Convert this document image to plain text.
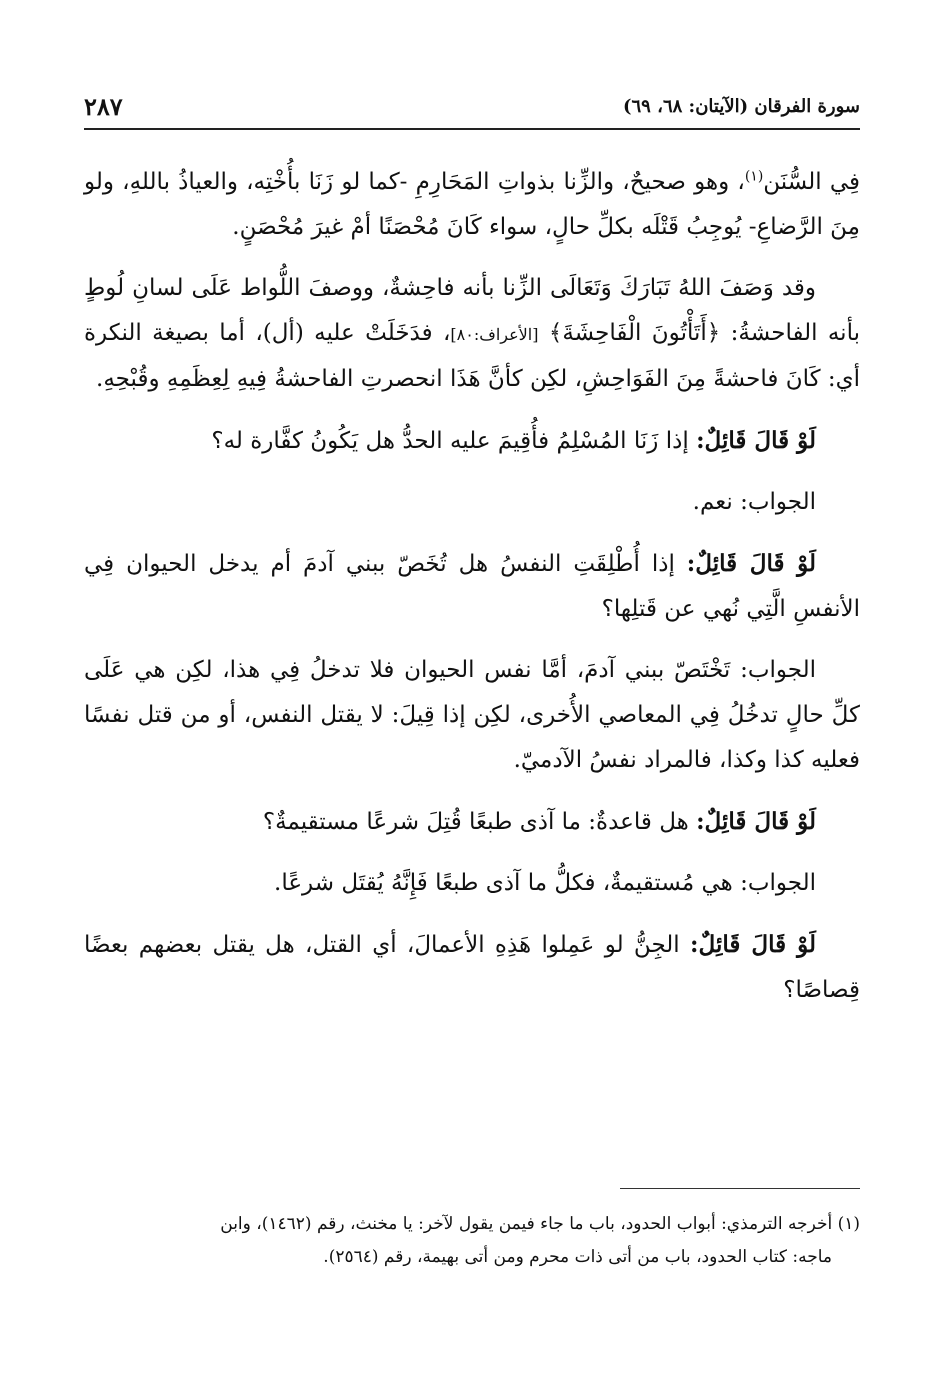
سورة الفرقان (الآيتان: ٦٨، ٦٩)
٢٨٧

فِي السُّنَن$^{(١)}$، وهو صحيحٌ، والزِّنا بذواتِ المَحَارِمِ -كما لو زَنَا بأُخْتِه، والعياذُ باللهِ، ولو مِنَ الرَّضاعِ- يُوجِبُ قَتْلَه بكلِّ حالٍ، سواء كَانَ مُحْصَنًا أمْ غيرَ مُحْصَنٍ.

وقد وَصَفَ اللهُ تَبَارَكَ وَتَعَالَى الزِّنا بأنه فاحِشةٌ، ووصفَ اللُّواط عَلَى لسانِ لُوطٍ بأنه الفاحشةُ: ﴿أَتَأْتُونَ الْفَاحِشَةَ﴾ [الأعراف:٨٠]، فدَخَلَتْ عليه (أل)، أما بصيغة النكرة أي: كَانَ فاحشةً مِنَ الفَوَاحِشِ، لكِن كأنَّ هَذَا انحصرتِ الفاحشةُ فِيهِ لِعِظَمِهِ وقُبْحِهِ.

لَوْ قَالَ قَائِلٌ: إذا زَنَا المُسْلِمُ فأُقِيمَ عليه الحدُّ هل يَكُونُ كفَّارة له؟

الجواب: نعم.

لَوْ قَالَ قَائِلٌ: إذا أُطْلِقَتِ النفسُ هل تُخَصّ ببني آدمَ أم يدخل الحيوان فِي الأنفسِ الَّتِي نُهي عن قَتلِها؟

الجواب: تَخْتَصّ ببني آدمَ، أمَّا نفس الحيوان فلا تدخلُ فِي هذا، لكِن هي عَلَى كلِّ حالٍ تدخُلُ فِي المعاصي الأُخرى، لكِن إذا قِيلَ: لا يقتل النفس، أو من قتل نفسًا فعليه كذا وكذا، فالمراد نفسُ الآدميّ.

لَوْ قَالَ قَائِلٌ: هل قاعدةٌ: ما آذى طبعًا قُتِلَ شرعًا مستقيمةٌ؟

الجواب: هي مُستقيمةٌ، فكلُّ ما آذى طبعًا فَإِنَّهُ يُقتَل شرعًا.

لَوْ قَالَ قَائِلٌ: الجِنُّ لو عَمِلوا هَذِهِ الأعمالَ، أي القتل، هل يقتل بعضهم بعضًا قِصاصًا؟

(١) أخرجه الترمذي: أبواب الحدود، باب ما جاء فيمن يقول لآخر: يا مخنث، رقم (١٤٦٢)، وابن

ماجه: كتاب الحدود، باب من أتى ذات محرم ومن أتى بهيمة، رقم (٢٥٦٤).
